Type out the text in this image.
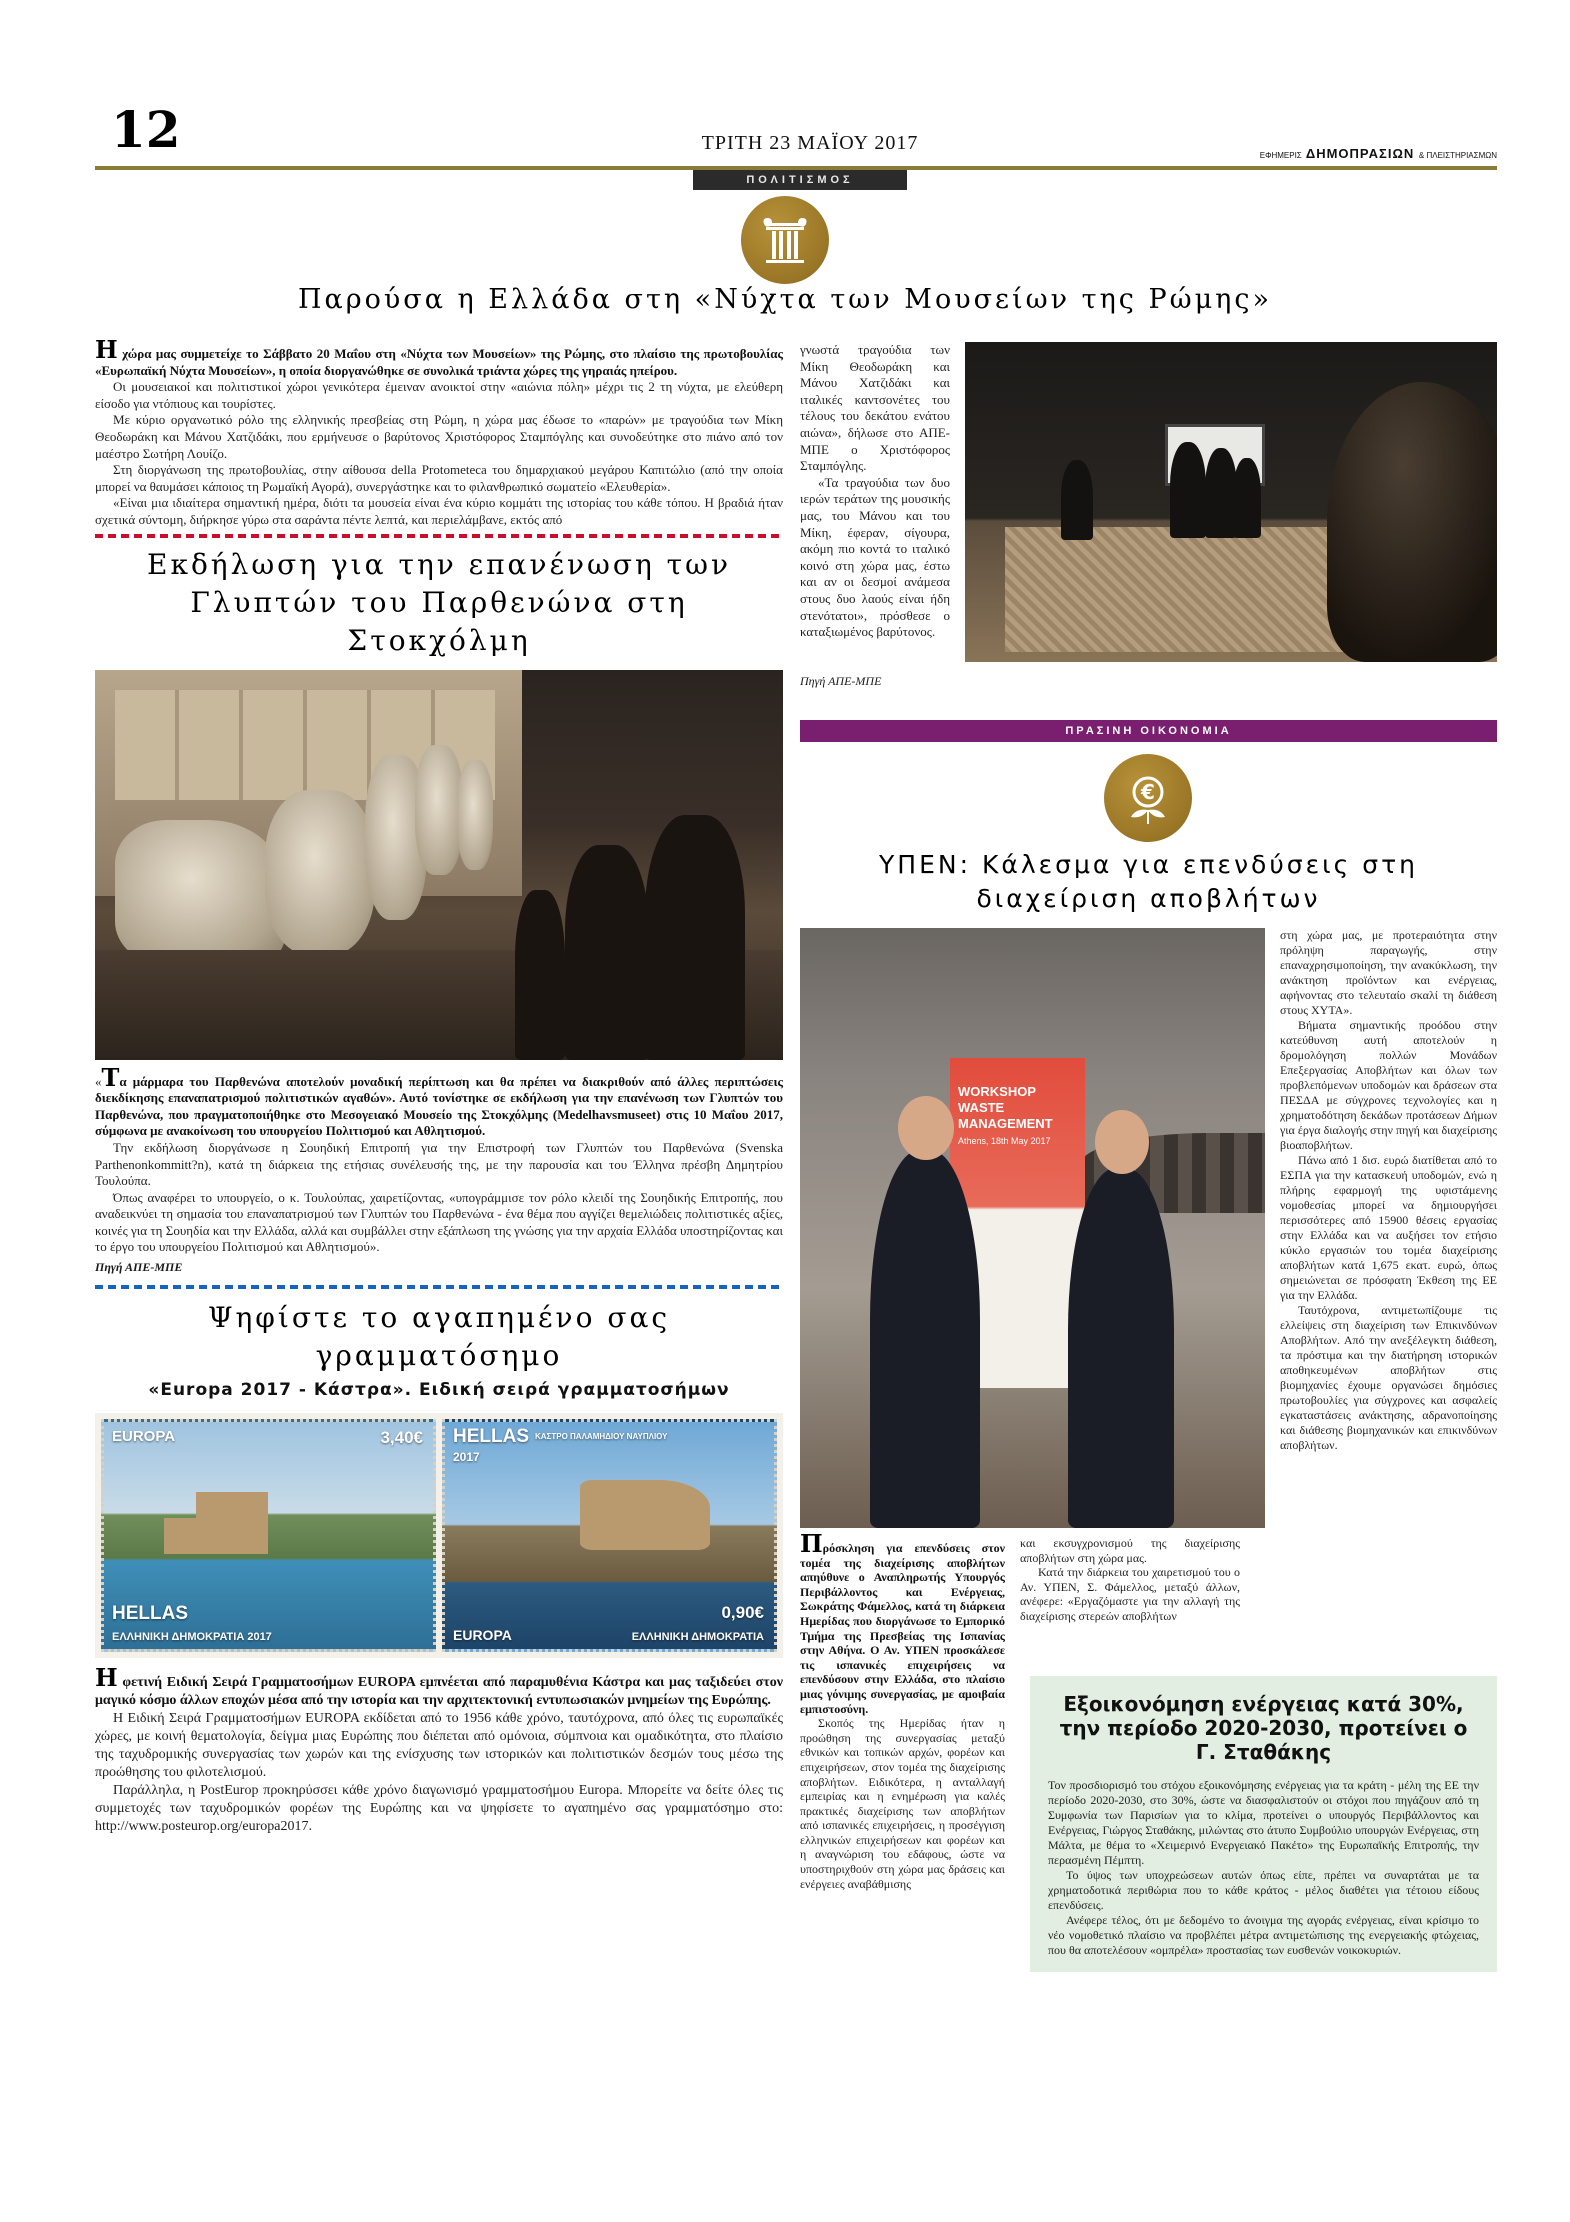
12	ΤΡΙΤΗ 23 ΜΑΪΟΥ 2017
ΕΦΗΜΕΡΙΣ ΔΗΜΟΠΡΑΣΙΩΝ & ΠΛΕΙΣΤΗΡΙΑΣΜΩΝ
ΠΟΛΙΤΙΣΜΟΣ
Παρούσα η Ελλάδα στη «Νύχτα των Μουσείων της Ρώμης»

Η χώρα μας συμμετείχε το Σάββατο 20 Μαΐου στη «Νύχτα των Μουσείων» της Ρώμης, στο πλαίσιο της πρωτοβουλίας «Ευρωπαϊκή Νύχτα Μουσείων», η οποία διοργανώθηκε σε συνολικά τριάντα χώρες της γηραιάς ηπείρου.

Οι μουσειακοί και πολιτιστικοί χώροι γενικότερα έμειναν ανοικτοί στην «αιώνια πόλη» μέχρι τις 2 τη νύχτα, με ελεύθερη είσοδο για ντόπιους και τουρίστες.

Με κύριο οργανωτικό ρόλο της ελληνικής πρεσβείας στη Ρώμη, η χώρα μας έδωσε το «παρών» με τραγούδια των Μίκη Θεοδωράκη και Μάνου Χατζιδάκι, που ερμήνευσε ο βαρύτονος Χριστόφορος Σταμπόγλης και συνοδεύτηκε στο πιάνο από τον μαέστρο Σωτήρη Λουίζο.

Στη διοργάνωση της πρωτοβουλίας, στην αίθουσα della Protometeca του δημαρχιακού μεγάρου Καπιτώλιο (από την οποία μπορεί να θαυμάσει κάποιος τη Ρωμαϊκή Αγορά), συνεργάστηκε και το φιλανθρωπικό σωματείο «Ελευθερία».

«Είναι μια ιδιαίτερα σημαντική ημέρα, διότι τα μουσεία είναι ένα κύριο κομμάτι της ιστορίας του κάθε τόπου. Η βραδιά ήταν σχετικά σύντομη, διήρκησε γύρω στα σαράντα πέντε λεπτά, και περιελάμβανε, εκτός από

Εκδήλωση για την επανένωση των Γλυπτών του Παρθενώνα στη Στοκχόλμη

«Τα μάρμαρα του Παρθενώνα αποτελούν μοναδική περίπτωση και θα πρέπει να διακριθούν από άλλες περιπτώσεις διεκδίκησης επαναπατρισμού πολιτιστικών αγαθών». Αυτό τονίστηκε σε εκδήλωση για την επανένωση των Γλυπτών του Παρθενώνα, που πραγματοποιήθηκε στο Μεσογειακό Μουσείο της Στοκχόλμης (Medelhavsmuseet) στις 10 Μαΐου 2017, σύμφωνα με ανακοίνωση του υπουργείου Πολιτισμού και Αθλητισμού.

Την εκδήλωση διοργάνωσε η Σουηδική Επιτροπή για την Επιστροφή των Γλυπτών του Παρθενώνα (Svenska Parthenonkommitt?n), κατά τη διάρκεια της ετήσιας συνέλευσής της, με την παρουσία και του Έλληνα πρέσβη Δημητρίου Τουλούπα.

Όπως αναφέρει το υπουργείο, ο κ. Τουλούπας, χαιρετίζοντας, «υπογράμμισε τον ρόλο κλειδί της Σουηδικής Επιτροπής, που αναδεικνύει τη σημασία του επαναπατρισμού των Γλυπτών του Παρθενώνα - ένα θέμα που αγγίζει θεμελιώδεις πολιτιστικές αξίες, κοινές για τη Σουηδία και την Ελλάδα, αλλά και συμβάλλει στην εξάπλωση της γνώσης για την αρχαία Ελλάδα υποστηρίζοντας και το έργο του υπουργείου Πολιτισμού και Αθλητισμού».

Πηγή ΑΠΕ-ΜΠΕ
Ψηφίστε το αγαπημένο σας γραμματόσημο
«Europa 2017 - Κάστρα». Ειδική σειρά γραμματοσήμων
EUROPA	3,40€
HELLAS
ΕΛΛΗΝΙΚΗ ΔΗΜΟΚΡΑΤΙΑ 2017
HELLAS
2017
ΚΑΣΤΡΟ ΠΑΛΑΜΗΔΙΟΥ ΝΑΥΠΛΙΟΥ
0,90€
EUROPA	ΕΛΛΗΝΙΚΗ ΔΗΜΟΚΡΑΤΙΑ

Η φετινή Ειδική Σειρά Γραμματοσήμων EUROPA εμπνέεται από παραμυθένια Κάστρα και μας ταξιδεύει στον μαγικό κόσμο άλλων εποχών μέσα από την ιστορία και την αρχιτεκτονική εντυπωσιακών μνημείων της Ευρώπης.

Η Ειδική Σειρά Γραμματοσήμων EUROPA εκδίδεται από το 1956 κάθε χρόνο, ταυτόχρονα, από όλες τις ευρωπαϊκές χώρες, με κοινή θεματολογία, δείγμα μιας Ευρώπης που διέπεται από ομόνοια, σύμπνοια και ομαδικότητα, στο πλαίσιο της ταχυδρομικής συνεργασίας των χωρών και της ενίσχυσης των ιστορικών και πολιτιστικών δεσμών τους μέσω της προώθησης του φιλοτελισμού.

Παράλληλα, η PostEurop προκηρύσσει κάθε χρόνο διαγωνισμό γραμματοσήμου Europa. Μπορείτε να δείτε όλες τις συμμετοχές των ταχυδρομικών φορέων της Ευρώπης και να ψηφίσετε το αγαπημένο σας γραμματόσημο στο: http://www.posteurop.org/europa2017.

γνωστά τραγούδια των Μίκη Θεοδωράκη και Μάνου Χατζιδάκι και ιταλικές καντσονέτες του τέλους του δεκάτου ενάτου αιώνα», δήλωσε στο ΑΠΕ-ΜΠΕ ο Χριστόφορος Σταμπόγλης.

«Τα τραγούδια των δυο ιερών τεράτων της μουσικής μας, του Μάνου και του Μίκη, έφεραν, σίγουρα, ακόμη πιο κοντά το ιταλικό κοινό στη χώρα μας, έστω και αν οι δεσμοί ανάμεσα στους δυο λαούς είναι ήδη στενότατοι», πρόσθεσε ο καταξιωμένος βαρύτονος.

Πηγή ΑΠΕ-ΜΠΕ
ΠΡΑΣΙΝΗ ΟΙΚΟΝΟΜΙΑ
€
ΥΠΕΝ: Κάλεσμα για επενδύσεις στη διαχείριση αποβλήτων
WORKSHOP
WASTE
MANAGEMENT
Athens, 18th May 2017

στη χώρα μας, με προτεραιότητα στην πρόληψη παραγωγής, στην επαναχρησιμοποίηση, την ανακύκλωση, την ανάκτηση προϊόντων και ενέργειας, αφήνοντας στο τελευταίο σκαλί τη διάθεση στους ΧΥΤΑ».

Βήματα σημαντικής προόδου στην κατεύθυνση αυτή αποτελούν η δρομολόγηση πολλών Μονάδων Επεξεργασίας Αποβλήτων και όλων των προβλεπόμενων υποδομών και δράσεων στα ΠΕΣΔΑ με σύγχρονες τεχνολογίες και η χρηματοδότηση δεκάδων προτάσεων Δήμων για έργα διαλογής στην πηγή και διαχείρισης βιοαποβλήτων.

Πάνω από 1 δισ. ευρώ διατίθεται από το ΕΣΠΑ για την κατασκευή υποδομών, ενώ η πλήρης εφαρμογή της υφιστάμενης νομοθεσίας μπορεί να δημιουργήσει περισσότερες από 15900 θέσεις εργασίας στην Ελλάδα και να αυξήσει τον ετήσιο κύκλο εργασιών του τομέα διαχείρισης αποβλήτων κατά 1,675 εκατ. ευρώ, όπως σημειώνεται σε πρόσφατη Έκθεση της ΕΕ για την Ελλάδα.

Ταυτόχρονα, αντιμετωπίζουμε τις ελλείψεις στη διαχείριση των Επικινδύνων Αποβλήτων. Από την ανεξέλεγκτη διάθεση, τα πρόστιμα και την διατήρηση ιστορικών αποθηκευμένων αποβλήτων στις βιομηχανίες έχουμε οργανώσει δημόσιες πρωτοβουλίες για σύγχρονες και ασφαλείς εγκαταστάσεις ανάκτησης, αδρανοποίησης και διάθεσης βιομηχανικών και επικινδύνων αποβλήτων.

Πρόσκληση για επενδύσεις στον τομέα της διαχείρισης αποβλήτων απηύθυνε ο Αναπληρωτής Υπουργός Περιβάλλοντος και Ενέργειας, Σωκράτης Φάμελλος, κατά τη διάρκεια Ημερίδας που διοργάνωσε το Εμπορικό Τμήμα της Πρεσβείας της Ισπανίας στην Αθήνα. Ο Αν. ΥΠΕΝ προσκάλεσε τις ισπανικές επιχειρήσεις να επενδύσουν στην Ελλάδα, στο πλαίσιο μιας γόνιμης συνεργασίας, με αμοιβαία εμπιστοσύνη.

Σκοπός της Ημερίδας ήταν η προώθηση της συνεργασίας μεταξύ εθνικών και τοπικών αρχών, φορέων και επιχειρήσεων, στον τομέα της διαχείρισης αποβλήτων. Ειδικότερα, η ανταλλαγή εμπειρίας και η ενημέρωση για καλές πρακτικές διαχείρισης των αποβλήτων από ισπανικές επιχειρήσεις, η προσέγγιση ελληνικών επιχειρήσεων και φορέων και η αναγνώριση του εδάφους, ώστε να υποστηριχθούν στη χώρα μας δράσεις και ενέργειες αναβάθμισης

και εκσυγχρονισμού της διαχείρισης αποβλήτων στη χώρα μας.

Κατά την διάρκεια του χαιρετισμού του ο Αν. ΥΠΕΝ, Σ. Φάμελλος, μεταξύ άλλων, ανέφερε: «Εργαζόμαστε για την αλλαγή της διαχείρισης στερεών αποβλήτων

Εξοικονόμηση ενέργειας κατά 30%, την περίοδο 2020-2030, προτείνει ο Γ. Σταθάκης

Τον προσδιορισμό του στόχου εξοικονόμησης ενέργειας για τα κράτη - μέλη της ΕΕ την περίοδο 2020-2030, στο 30%, ώστε να διασφαλιστούν οι στόχοι που πηγάζουν από τη Συμφωνία των Παρισίων για το κλίμα, προτείνει ο υπουργός Περιβάλλοντος και Ενέργειας, Γιώργος Σταθάκης, μιλώντας στο άτυπο Συμβούλιο υπουργών Ενέργειας, στη Μάλτα, με θέμα το «Χειμερινό Ενεργειακό Πακέτο» της Ευρωπαϊκής Επιτροπής, την περασμένη Πέμπτη.

Το ύψος των υποχρεώσεων αυτών όπως είπε, πρέπει να συναρτάται με τα χρηματοδοτικά περιθώρια που το κάθε κράτος - μέλος διαθέτει για τέτοιου είδους επενδύσεις.

Ανέφερε τέλος, ότι με δεδομένο το άνοιγμα της αγοράς ενέργειας, είναι κρίσιμο το νέο νομοθετικό πλαίσιο να προβλέπει μέτρα αντιμετώπισης της ενεργειακής φτώχειας, που θα αποτελέσουν «ομπρέλα» προστασίας των ευσθενών νοικοκυριών.
